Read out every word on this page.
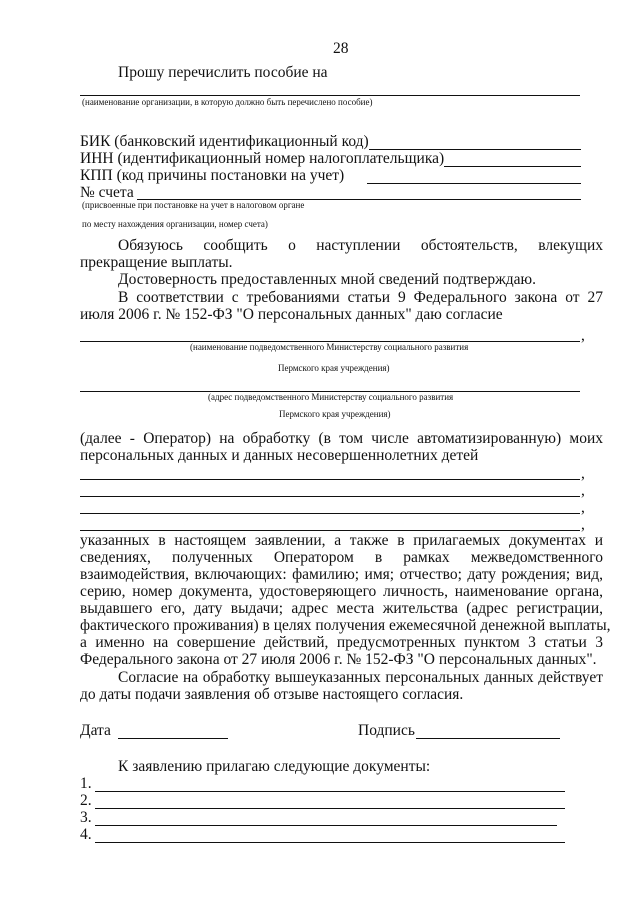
28
Прошу перечислить пособие на
(наименование организации, в которую должно быть перечислено пособие)
БИК (банковский идентификационный код)
ИНН (идентификационный номер налогоплательщика)
КПП (код причины постановки на учет)
№ счета
(присвоенные при постановке на учет в налоговом органе
по месту нахождения организации, номер счета)
Обязуюсь сообщить о наступлении обстоятельств, влекущих
прекращение выплаты.
Достоверность предоставленных мной сведений подтверждаю.
В соответствии с требованиями статьи 9 Федерального закона от 27
июля 2006 г. № 152-ФЗ "О персональных данных" даю согласие
,
(наименование подведомственного Министерству социального развития
Пермского края учреждения)
(адрес подведомственного Министерству социального развития
Пермского края учреждения)
(далее - Оператор) на обработку (в том числе автоматизированную) моих
персональных данных и данных несовершеннолетних детей
,
,
,
,
указанных в настоящем заявлении, а также в прилагаемых документах и
сведениях, полученных Оператором в рамках межведомственного
взаимодействия, включающих: фамилию; имя; отчество; дату рождения; вид,
серию, номер документа, удостоверяющего личность, наименование органа,
выдавшего его, дату выдачи; адрес места жительства (адрес регистрации,
фактического проживания) в целях получения ежемесячной денежной выплаты,
а именно на совершение действий, предусмотренных пунктом 3 статьи 3
Федерального закона от 27 июля 2006 г. № 152-ФЗ "О персональных данных".
Согласие на обработку вышеуказанных персональных данных действует
до даты подачи заявления об отзыве настоящего согласия.
Дата	Подпись
К заявлению прилагаю следующие документы:
1.
2.
3.
4.
